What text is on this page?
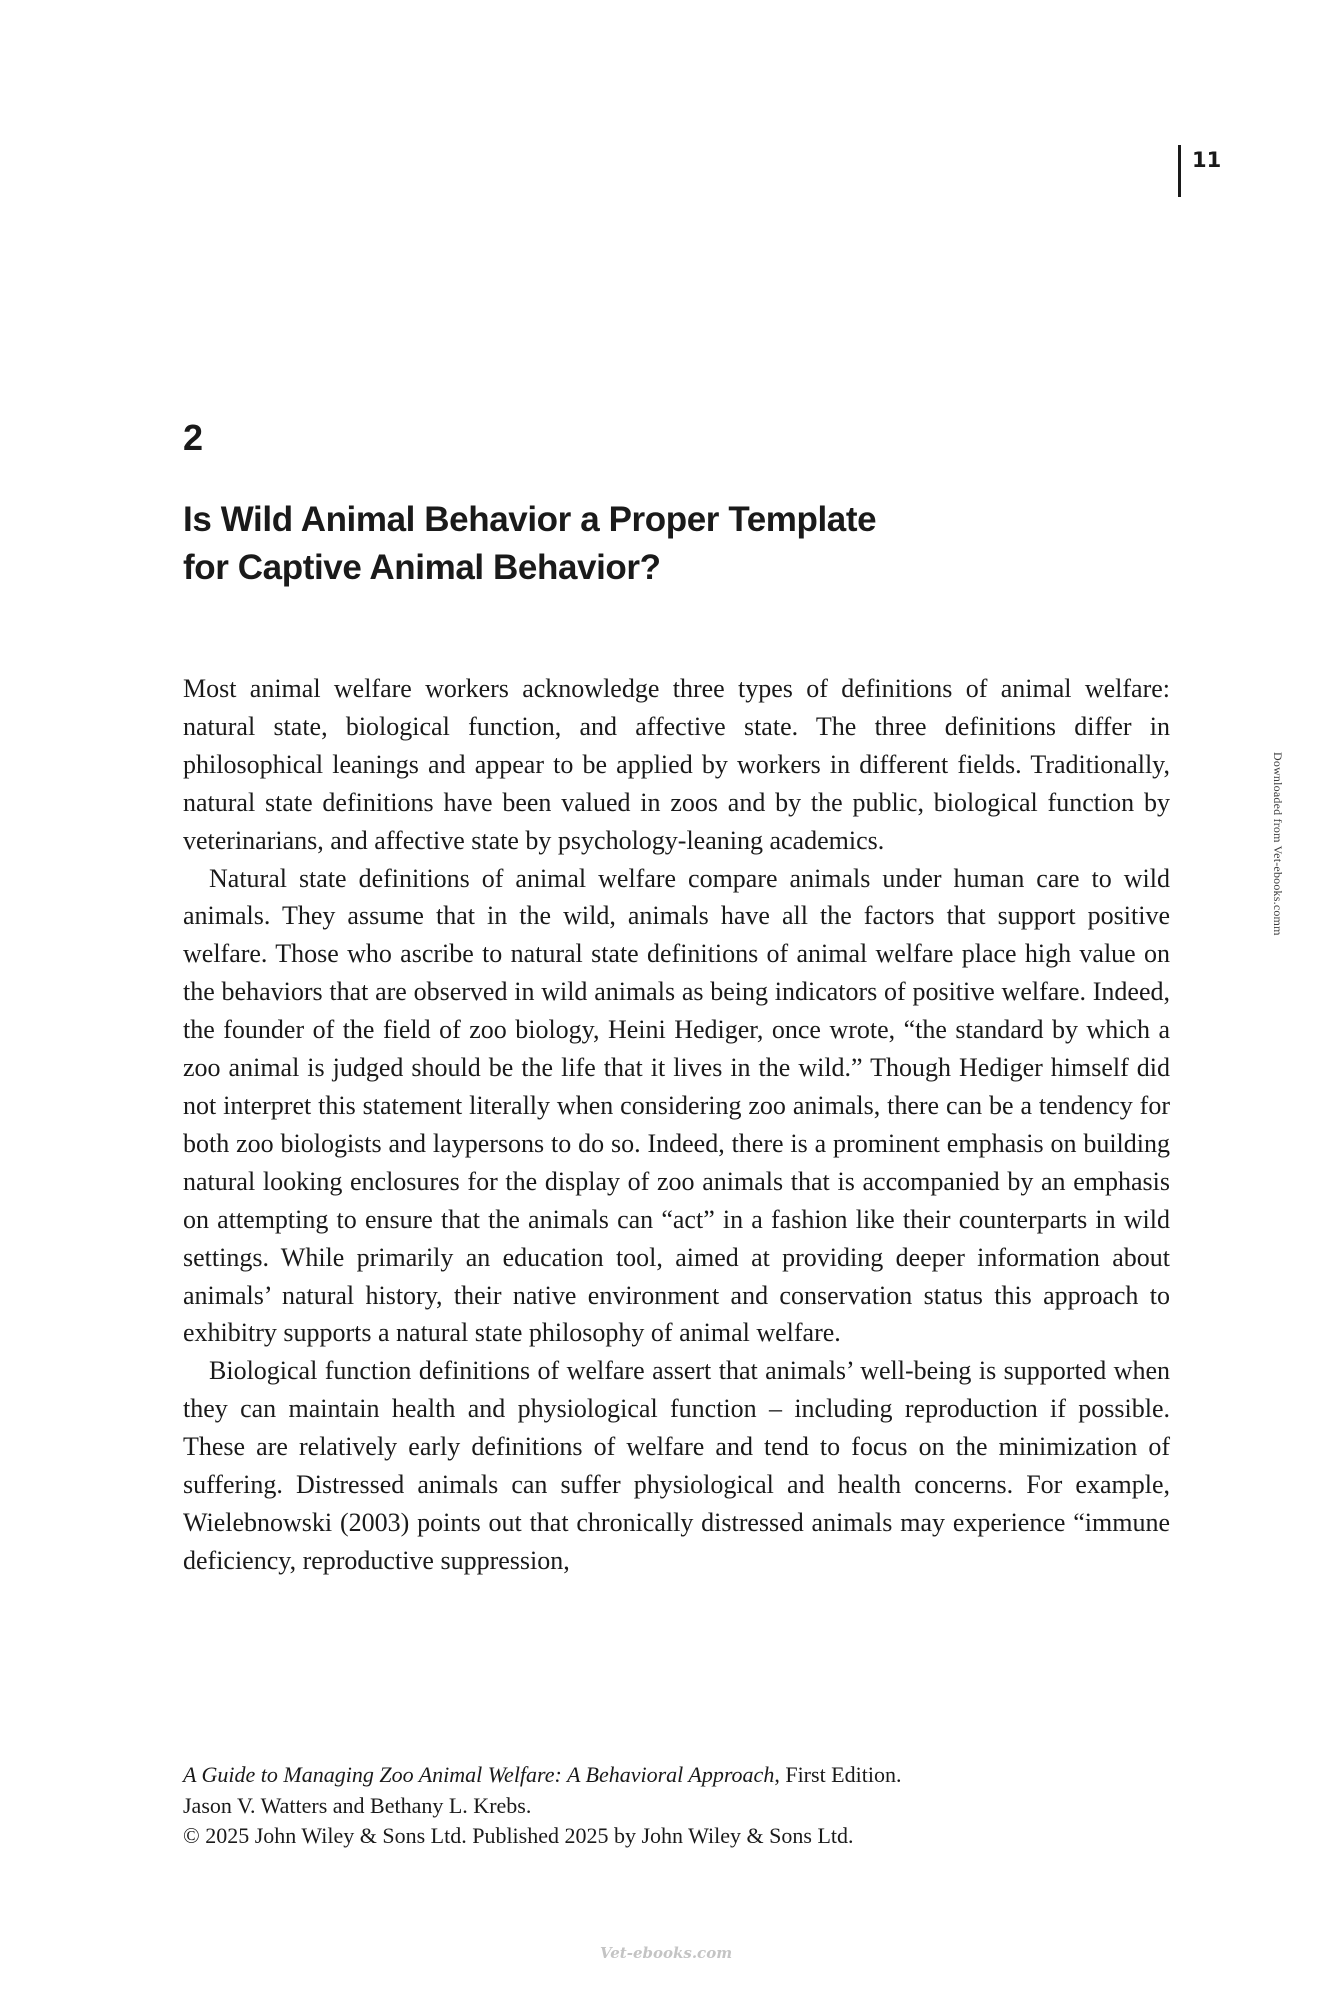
11
2
Is Wild Animal Behavior a Proper Template
for Captive Animal Behavior?

Most animal welfare workers acknowledge three types of definitions of animal welfare: natural state, biological function, and affective state. The three definitions differ in philosophical leanings and appear to be applied by workers in different fields. Traditionally, natural state definitions have been valued in zoos and by the public, biological function by veterinarians, and affective state by psychology-leaning academics.

Natural state definitions of animal welfare compare animals under human care to wild animals. They assume that in the wild, animals have all the factors that support positive welfare. Those who ascribe to natural state definitions of animal welfare place high value on the behaviors that are observed in wild animals as being indicators of positive welfare. Indeed, the founder of the field of zoo biology, Heini Hediger, once wrote, “the standard by which a zoo animal is judged should be the life that it lives in the wild.” Though Hediger himself did not interpret this statement literally when considering zoo animals, there can be a tendency for both zoo biologists and laypersons to do so. Indeed, there is a prominent emphasis on building natural looking enclosures for the display of zoo animals that is accompanied by an emphasis on attempting to ensure that the animals can “act” in a fashion like their counterparts in wild settings. While primarily an education tool, aimed at providing deeper information about animals’ natural history, their native environment and conservation status this approach to exhibitry supports a natural state philosophy of animal welfare.

Biological function definitions of welfare assert that animals’ well-being is supported when they can maintain health and physiological function – including reproduction if possible. These are relatively early definitions of welfare and tend to focus on the minimization of suffering. Distressed animals can suffer physiological and health concerns. For example, Wielebnowski (2003) points out that chronically distressed animals may experience “immune deficiency, reproductive suppression,

Downloaded from Vet-ebooks.comm
A Guide to Managing Zoo Animal Welfare: A Behavioral Approach, First Edition.
Jason V. Watters and Bethany L. Krebs.
© 2025 John Wiley & Sons Ltd. Published 2025 by John Wiley & Sons Ltd.
Vet-ebooks.com
